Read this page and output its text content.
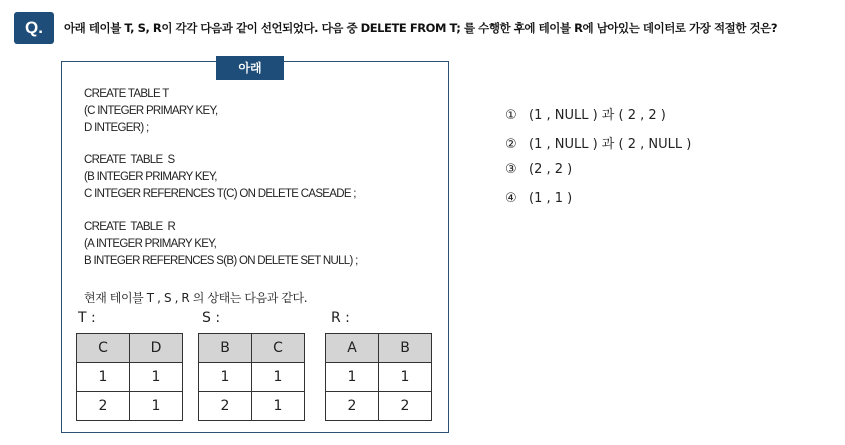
Q.	아래 테이블 T, S, R이 각각 다음과 같이 선언되었다. 다음 중 DELETE FROM T; 를 수행한 후에 테이블 R에 남아있는 데이터로 가장 적절한 것은?
아래
CREATE TABLE T
(C INTEGER PRIMARY KEY,
D INTEGER) ;
CREATE  TABLE  S
(B INTEGER PRIMARY KEY,
C INTEGER REFERENCES T(C) ON DELETE CASEADE ;
CREATE  TABLE  R
(A INTEGER PRIMARY KEY,
B INTEGER REFERENCES S(B) ON DELETE SET NULL) ;
현재 테이블 T , S , R 의 상태는 다음과 같다.
T :
C	D
1	1
2	1
S :
B	C
1	1
2	1
R :
A	B
1	1
2	2
① (1 , NULL ) 과 ( 2 , 2 )
② (1 , NULL ) 과 ( 2 , NULL )
③ (2 , 2 )
④ (1 , 1 )
